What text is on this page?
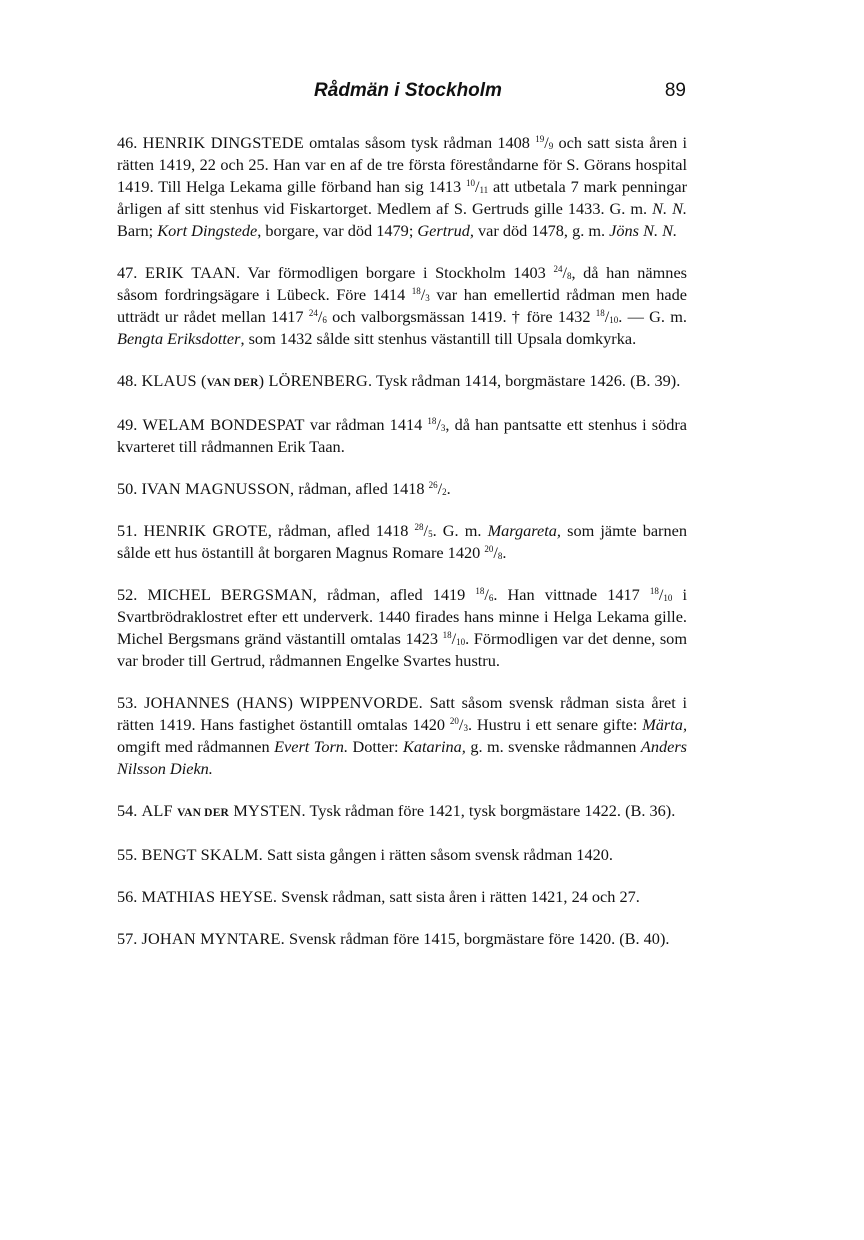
Rådmän i Stockholm	89

46. HENRIK DINGSTEDE omtalas såsom tysk rådman 1408 $^{19}/_9$ och satt sista åren i rätten 1419, 22 och 25. Han var en af de tre första föreståndarne för S. Görans hospital 1419. Till Helga Lekama gille förband han sig 1413 $^{10}/_{11}$ att utbetala 7 mark penningar årligen af sitt stenhus vid Fiskartorget. Medlem af S. Gertruds gille 1433. G. m. N. N. Barn; Kort Dingstede, borgare, var död 1479; Gertrud, var död 1478, g. m. Jöns N. N.

47. ERIK TAAN. Var förmodligen borgare i Stockholm 1403 $^{24}/_8$, då han nämnes såsom fordringsägare i Lübeck. Före 1414 $^{18}/_3$ var han emellertid rådman men hade utträdt ur rådet mellan 1417 $^{24}/_6$ och valborgsmässan 1419. † före 1432 $^{18}/_{10}$. — G. m. Bengta Eriksdotter, som 1432 sålde sitt stenhus västantill till Upsala domkyrka.

48. KLAUS (VAN DER) LÖRENBERG. Tysk rådman 1414, borgmästare 1426. (B. 39).

49. WELAM BONDESPAT var rådman 1414 $^{18}/_3$, då han pantsatte ett stenhus i södra kvarteret till rådmannen Erik Taan.

50. IVAN MAGNUSSON, rådman, afled 1418 $^{26}/_2$.

51. HENRIK GROTE, rådman, afled 1418 $^{28}/_5$. G. m. Margareta, som jämte barnen sålde ett hus östantill åt borgaren Magnus Romare 1420 $^{20}/_8$.

52. MICHEL BERGSMAN, rådman, afled 1419 $^{18}/_6$. Han vittnade 1417 $^{18}/_{10}$ i Svartbrödraklostret efter ett underverk. 1440 firades hans minne i Helga Lekama gille. Michel Bergsmans gränd västantill omtalas 1423 $^{18}/_{10}$. Förmodligen var det denne, som var broder till Gertrud, rådmannen Engelke Svartes hustru.

53. JOHANNES (HANS) WIPPENVORDE. Satt såsom svensk rådman sista året i rätten 1419. Hans fastighet östantill omtalas 1420 $^{20}/_3$. Hustru i ett senare gifte: Märta, omgift med rådmannen Evert Torn. Dotter: Katarina, g. m. svenske rådmannen Anders Nilsson Diekn.

54. ALF VAN DER MYSTEN. Tysk rådman före 1421, tysk borgmästare 1422. (B. 36).

55. BENGT SKALM. Satt sista gången i rätten såsom svensk rådman 1420.

56. MATHIAS HEYSE. Svensk rådman, satt sista åren i rätten 1421, 24 och 27.

57. JOHAN MYNTARE. Svensk rådman före 1415, borgmästare före 1420. (B. 40).
